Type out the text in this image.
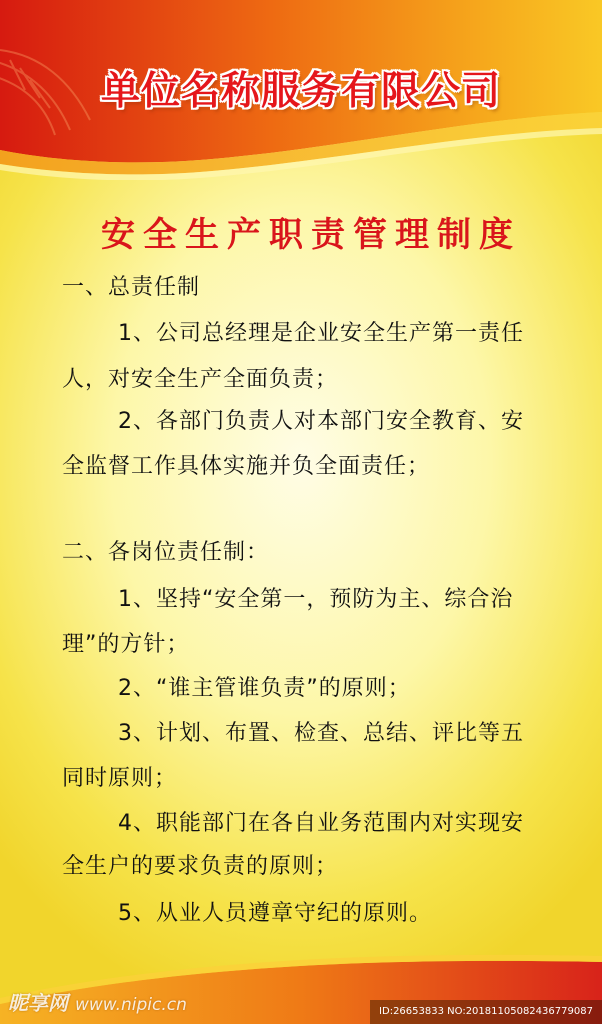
单位名称服务有限公司
安全生产职责管理制度
一、总责任制
1、公司总经理是企业安全生产第一责任
人，对安全生产全面负责；
2、各部门负责人对本部门安全教育、安
全监督工作具体实施并负全面责任；
二、各岗位责任制：
1、坚持“安全第一，预防为主、综合治
理”的方针；
2、“谁主管谁负责”的原则；
3、计划、布置、检查、总结、评比等五
同时原则；
4、职能部门在各自业务范围内对实现安
全生户的要求负责的原则；
5、从业人员遵章守纪的原则。
昵享网 www.nipic.cn	ID:26653833 NO:20181105082436779087
